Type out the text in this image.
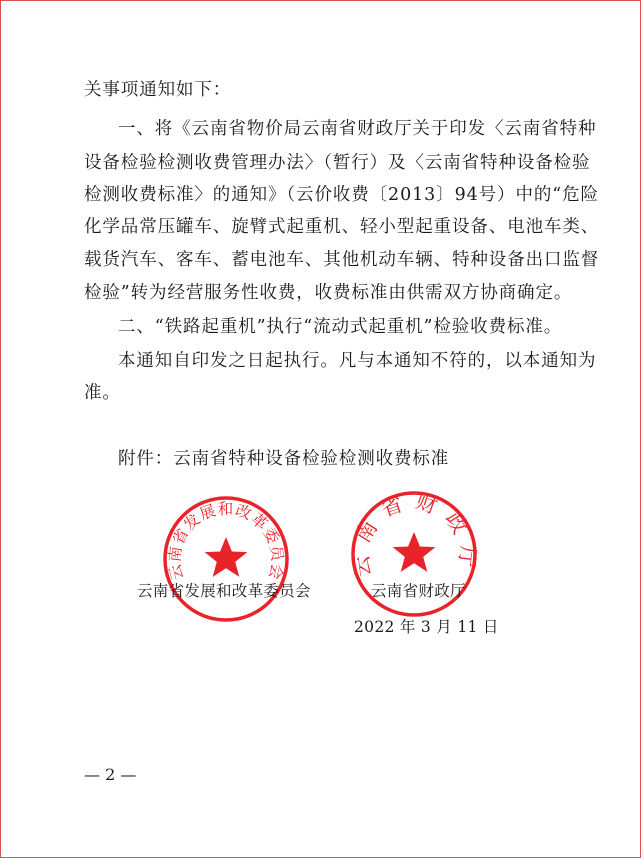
关事项通知如下：
一、将《云南省物价局云南省财政厅关于印发〈云南省特种
设备检验检测收费管理办法〉（暂行）及〈云南省特种设备检验
检测收费标准〉的通知》（云价收费〔2013〕94号）中的“危险
化学品常压罐车、旋臂式起重机、轻小型起重设备、电池车类、
载货汽车、客车、蓄电池车、其他机动车辆、特种设备出口监督
检验”转为经营服务性收费，收费标准由供需双方协商确定。
二、“铁路起重机”执行“流动式起重机”检验收费标准。
本通知自印发之日起执行。凡与本通知不符的，以本通知为
准。
附件：云南省特种设备检验检测收费标准
云南省发展和改革委员会	云南省财政厅
云南省发展和改革委员会	云南省财政厅
2022 年 3 月 11 日
— 2 —
